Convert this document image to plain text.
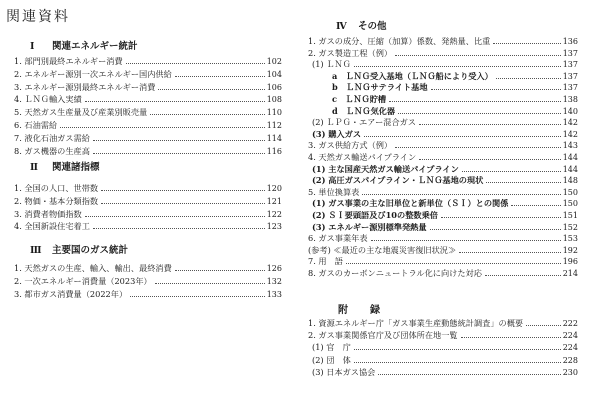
関連資料
Ⅰ 関連エネルギー統計
1. 部門別最終エネルギー消費	102
2. エネルギー源別一次エネルギー国内供給	104
3. エネルギー源別最終エネルギー消費	106
4. ＬＮＧ輸入実績	108
5. 天然ガス生産量及び産業別販売量	110
6. 石油需給	112
7. 液化石油ガス需給	114
8. ガス機器の生産高	116
Ⅱ 関連諸指標
1. 全国の人口、世帯数	120
2. 物価・基本分類指数	121
3. 消費者物価指数	122
4. 全国新設住宅着工	123
Ⅲ 主要国のガス統計
1. 天然ガスの生産、輸入、輸出、最終消費	126
2. 一次エネルギー消費量（2023年）	132
3. 都市ガス消費量（2022年）	133
Ⅳ その他
1. ガスの成分、圧縮（加算）係数、発熱量、比重	136
2. ガス製造工程（例）	137
(1) ＬＮＧ	137
a　ＬＮＧ受入基地（ＬＮＧ船により受入）	137
b　ＬＮＧサテライト基地	137
c　ＬＮＧ貯槽	138
d　ＬＮＧ気化器	140
(2) ＬＰＧ・エアー混合ガス	142
(3) 購入ガス	142
3. ガス供給方式（例）	143
4. 天然ガス輸送パイプライン	144
(1) 主な国産天然ガス輸送パイプライン	144
(2) 高圧ガスパイプライン・ＬＮＧ基地の現状	148
5. 単位換算表	150
(1) ガス事業の主な旧単位と新単位（ＳＩ）との関係	150
(2) ＳＩ要頭語及び10の整数乗倍	151
(3) エネルギー源別標準発熱量	152
6. ガス事業年表	153
(参考) ≪最近の主な地震災害復旧状況≫	192
7. 用　語	196
8. ガスのカーボンニュートラル化に向けた対応	214
附　録
1. 資源エネルギー庁「ガス事業生産動態統計調査」の概要	222
2. ガス事業関係官庁及び団体所在地一覧	224
(1) 官　庁	224
(2) 団　体	228
(3) 日本ガス協会	230
